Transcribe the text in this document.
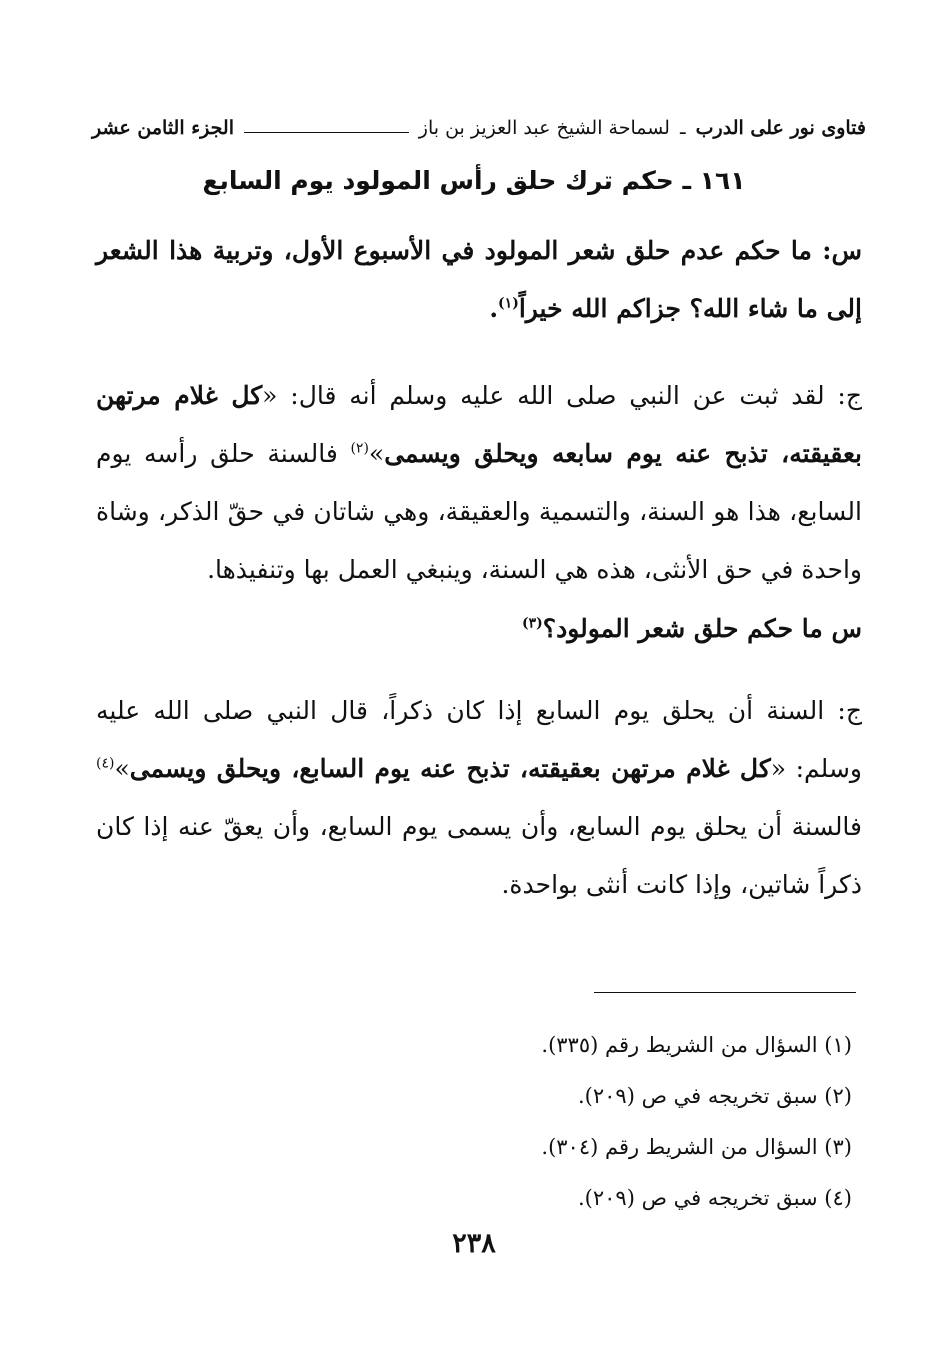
فتاوى نور على الدرب ـ لسماحة الشيخ عبد العزيز بن باز
الجزء الثامن عشر
١٦١ ـ حكم ترك حلق رأس المولود يوم السابع
س: ما حكم عدم حلق شعر المولود في الأسبوع الأول، وتربية هذا الشعر إلى ما شاء الله؟ جزاكم الله خيراً$^{(١)}$.
ج: لقد ثبت عن النبي صلى الله عليه وسلم أنه قال: «كل غلام مرتهن بعقيقته، تذبح عنه يوم سابعه ويحلق ويسمى»$^{(٢)}$ فالسنة حلق رأسه يوم السابع، هذا هو السنة، والتسمية والعقيقة، وهي شاتان في حقّ الذكر، وشاة واحدة في حق الأنثى، هذه هي السنة، وينبغي العمل بها وتنفيذها.
س ما حكم حلق شعر المولود؟$^{(٣)}$
ج: السنة أن يحلق يوم السابع إذا كان ذكراً، قال النبي صلى الله عليه وسلم: «كل غلام مرتهن بعقيقته، تذبح عنه يوم السابع، ويحلق ويسمى»$^{(٤)}$ فالسنة أن يحلق يوم السابع، وأن يسمى يوم السابع، وأن يعقّ عنه إذا كان ذكراً شاتين، وإذا كانت أنثى بواحدة.
(١) السؤال من الشريط رقم (٣٣٥).
(٢) سبق تخريجه في ص (٢٠٩).
(٣) السؤال من الشريط رقم (٣٠٤).
(٤) سبق تخريجه في ص (٢٠٩).
٢٣٨
